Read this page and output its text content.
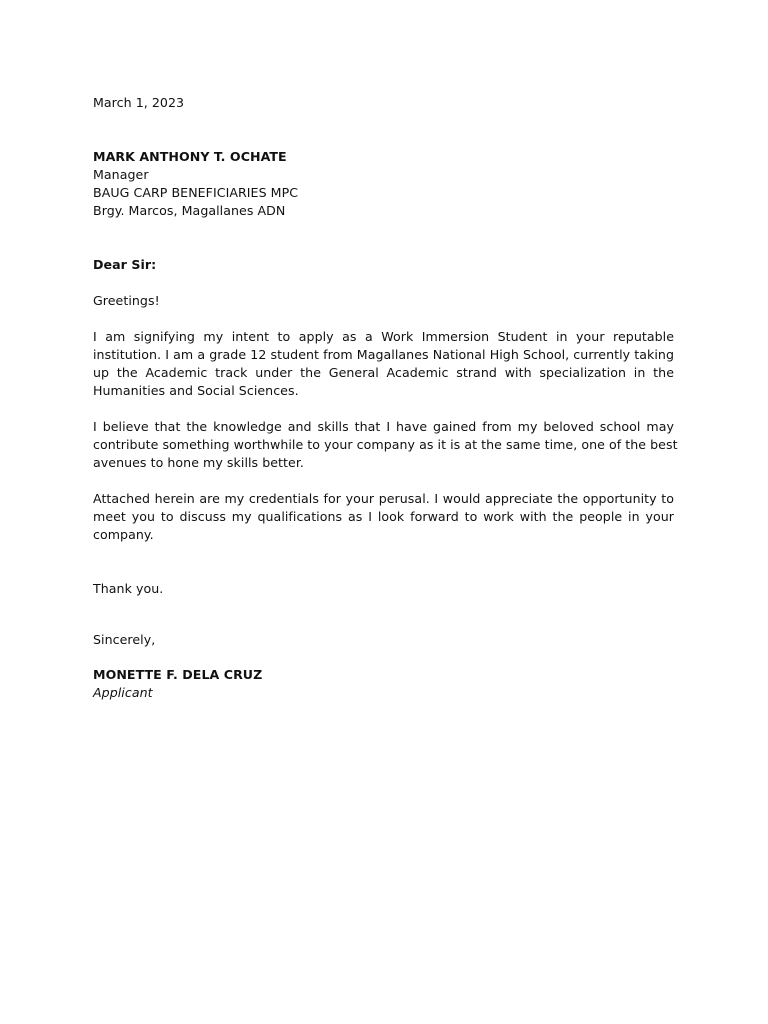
March 1, 2023
MARK ANTHONY T. OCHATE
Manager
BAUG CARP BENEFICIARIES MPC
Brgy. Marcos, Magallanes ADN
Dear Sir:
Greetings!
I am signifying my intent to apply as a Work Immersion Student in your reputable
institution. I am a grade 12 student from Magallanes National High School, currently taking
up the Academic track under the General Academic strand with specialization in the
Humanities and Social Sciences.
I believe that the knowledge and skills that I have gained from my beloved school may
contribute something worthwhile to your company as it is at the same time, one of the best
avenues to hone my skills better.
Attached herein are my credentials for your perusal. I would appreciate the opportunity to
meet you to discuss my qualifications as I look forward to work with the people in your
company.
Thank you.
Sincerely,
MONETTE F. DELA CRUZ
Applicant
